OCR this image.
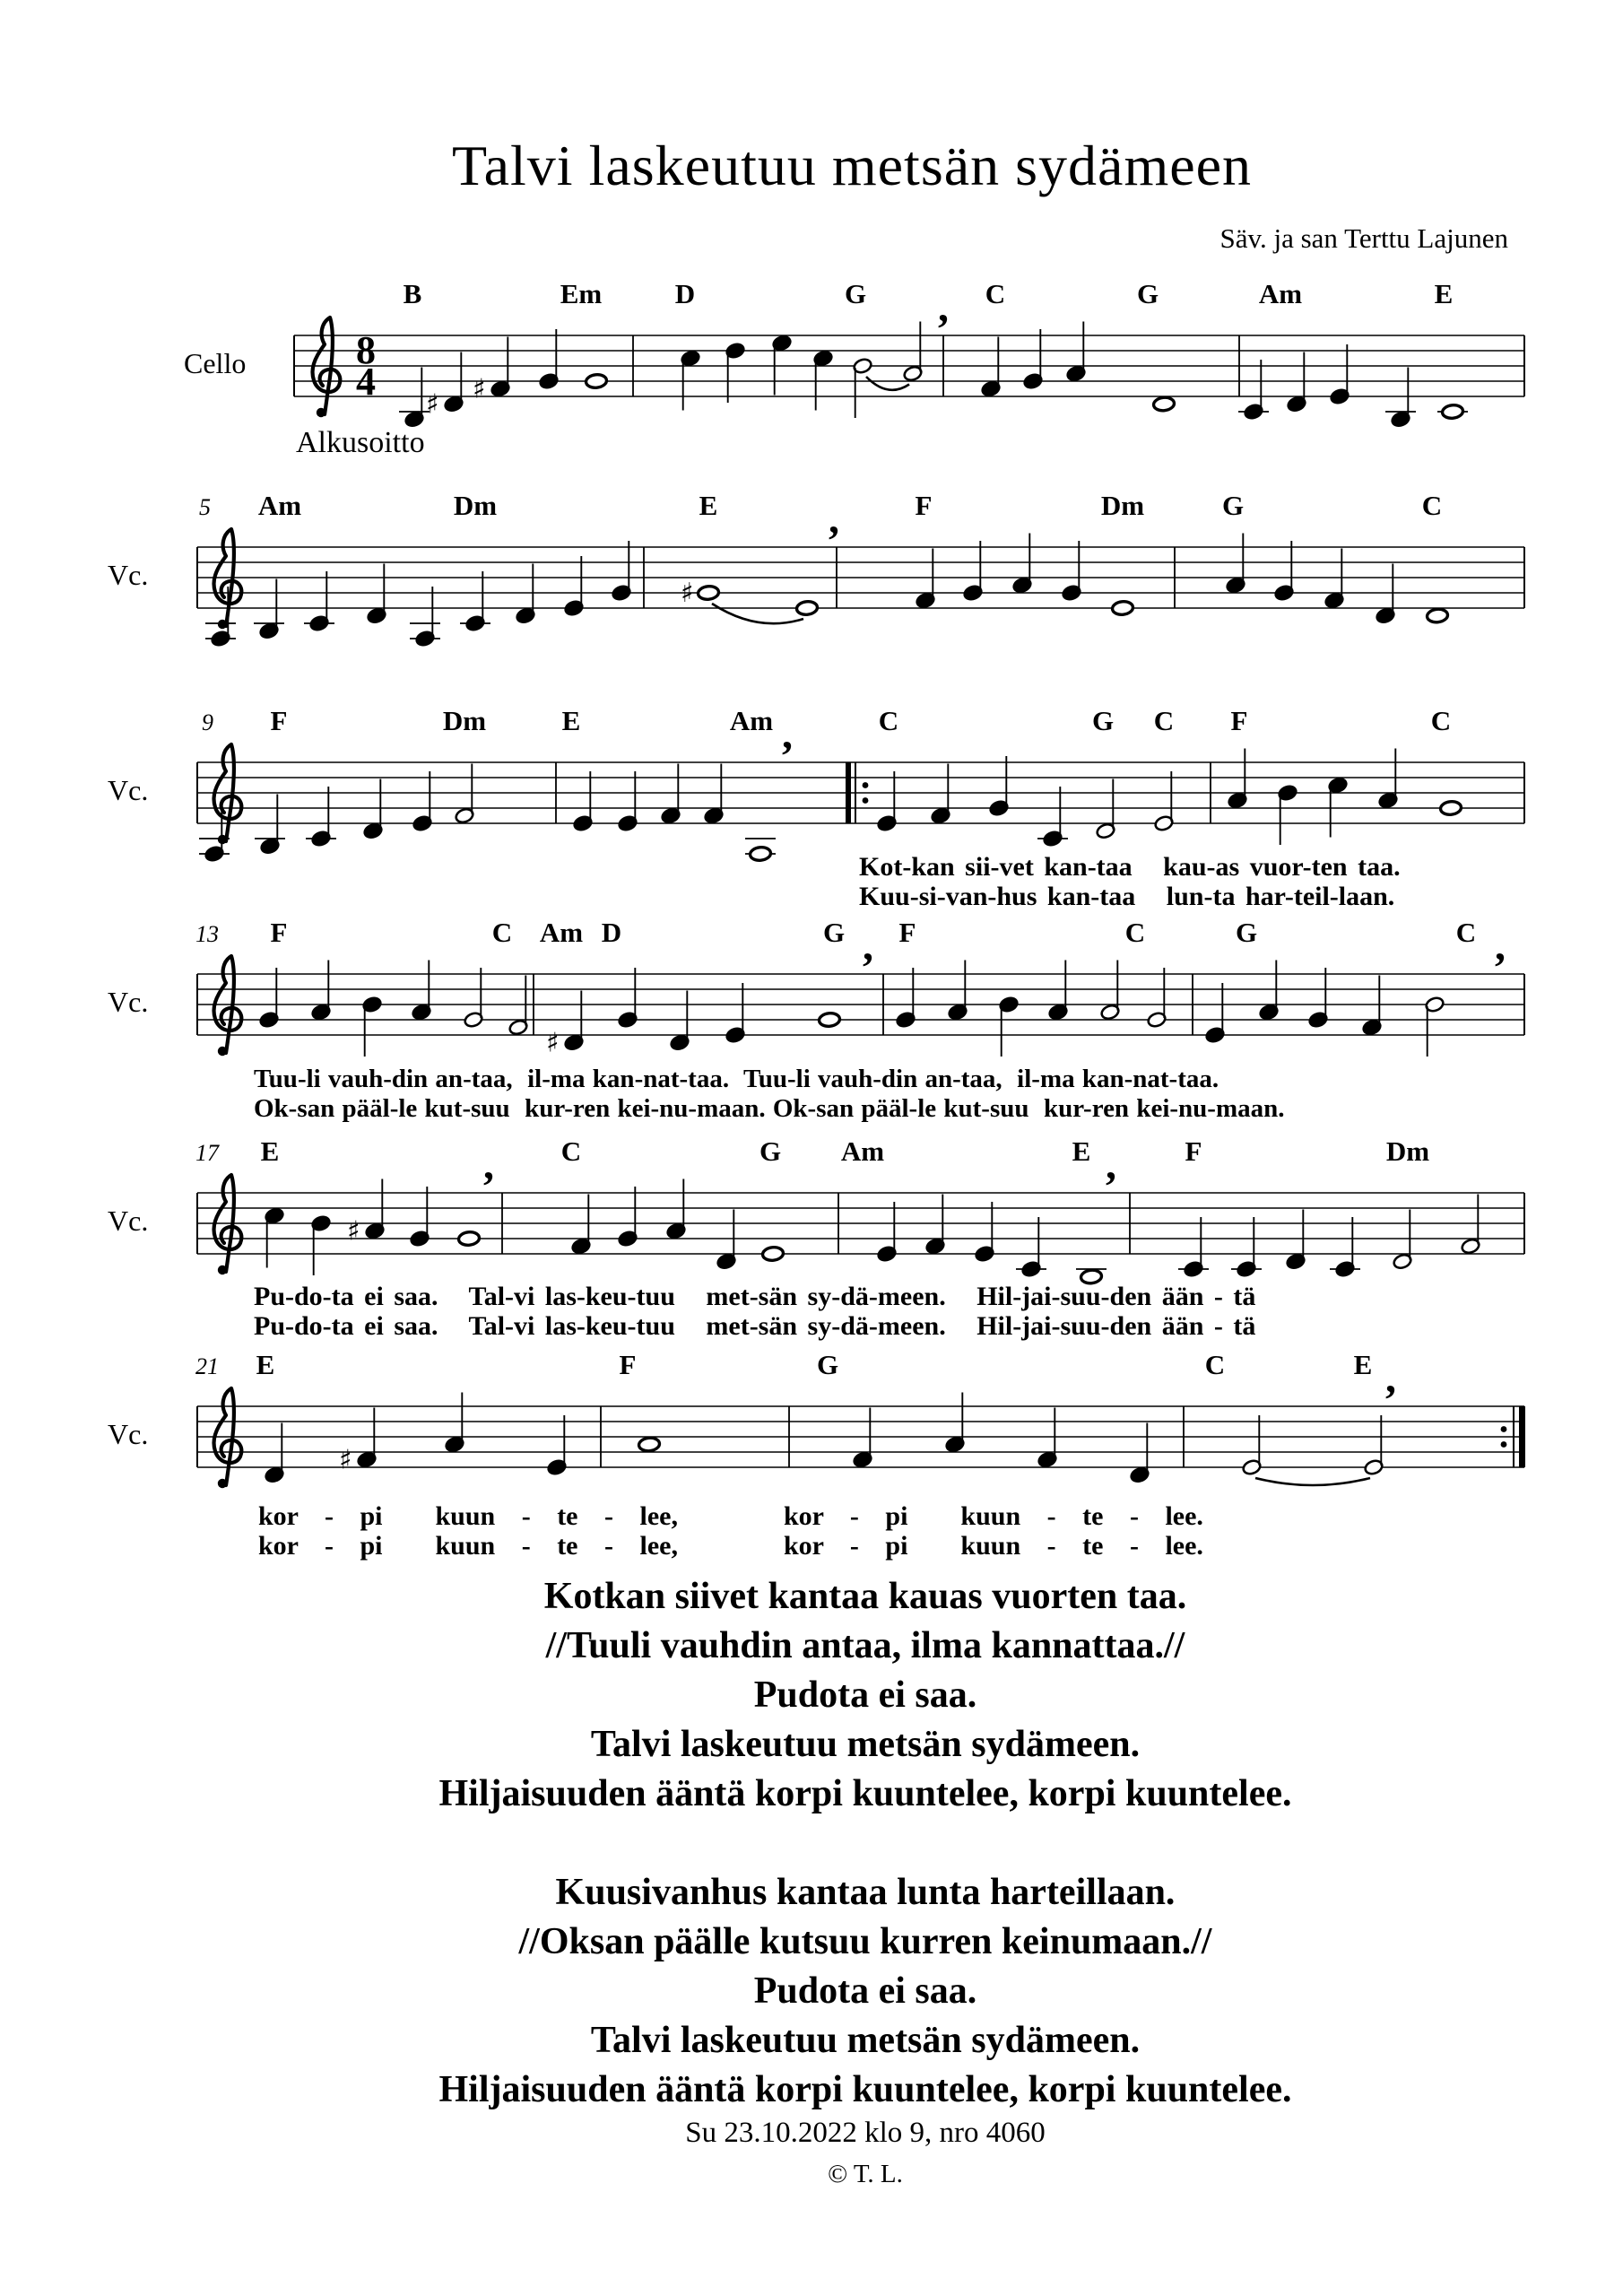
Talvi laskeutuu metsän sydämeen
Säv. ja san Terttu Lajunen
Cello	8
4
B	Em	D	G	C	G	Am	E
,
♯ ♯
Alkusoitto
Vc.
5 Am	Dm	E	F	Dm	G	C
,
♯
Vc.
9 F	Dm	E	Am	C	G C F	C
,
Kot-kan sii-vet kan-taa   kau-as vuor-ten taa.
Kuu-si-van-hus kan-taa   lun-ta har-teil-laan.
Vc.
13 F	C Am D	G F	C	G	C
,	,
♯
Tuu-li vauh-din an-taa,  il-ma kan-nat-taa.  Tuu-li vauh-din an-taa,  il-ma kan-nat-taa.
Ok-san pääl-le kut-suu  kur-ren kei-nu-maan. Ok-san pääl-le kut-suu  kur-ren kei-nu-maan.
Vc.
17 E	C	G Am	E	F	Dm
,	,
♯
Pu-do-ta ei saa.   Tal-vi las-keu-tuu   met-sän sy-dä-meen.   Hil-jai-suu-den ään - tä
Pu-do-ta ei saa.   Tal-vi las-keu-tuu   met-sän sy-dä-meen.   Hil-jai-suu-den ään - tä
Vc.
21 E	F	G	C	E ,
♯
kor - pi  kuun - te - lee,    kor - pi  kuun - te - lee.
kor - pi  kuun - te - lee,    kor - pi  kuun - te - lee.
Kotkan siivet kantaa kauas vuorten taa.
//Tuuli vauhdin antaa, ilma kannattaa.//
Pudota ei saa.
Talvi laskeutuu metsän sydämeen.
Hiljaisuuden ääntä korpi kuuntelee, korpi kuuntelee.
Kuusivanhus kantaa lunta harteillaan.
//Oksan päälle kutsuu kurren keinumaan.//
Pudota ei saa.
Talvi laskeutuu metsän sydämeen.
Hiljaisuuden ääntä korpi kuuntelee, korpi kuuntelee.
Su 23.10.2022 klo 9, nro 4060
© T. L.
